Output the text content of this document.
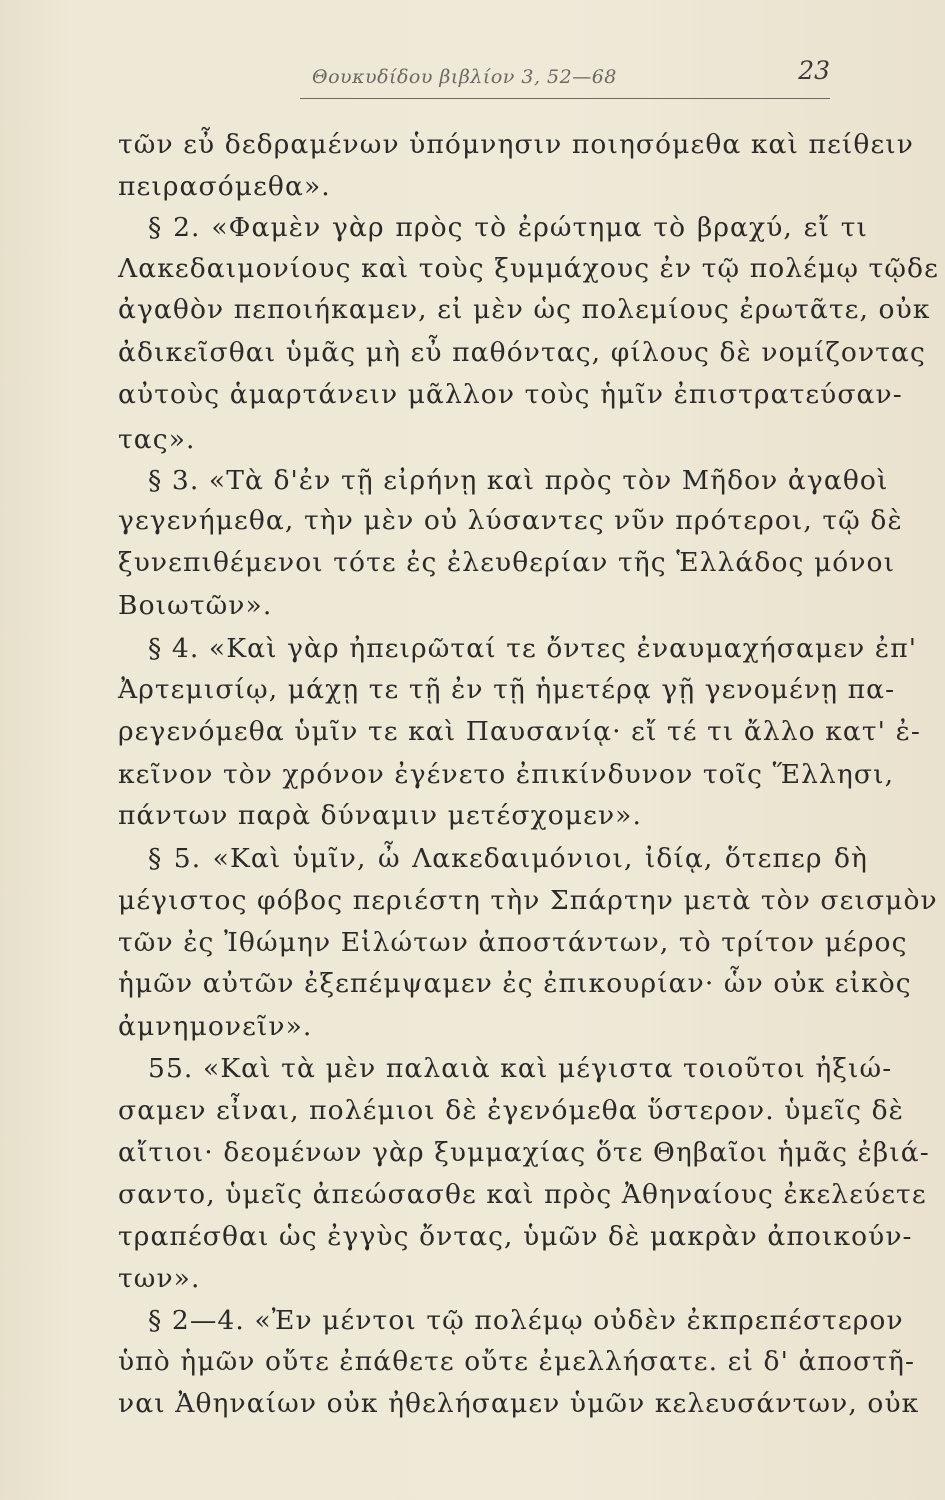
Θουκυδίδου βιβλίον 3, 52—68	23
τῶν εὖ δεδραμένων ὑπόμνησιν ποιησόμεθα καὶ πείθειν
πειρασόμεθα».
§ 2. «Φαμὲν γὰρ πρὸς τὸ ἐρώτημα τὸ βραχύ, εἴ τι
Λακεδαιμονίους καὶ τοὺς ξυμμάχους ἐν τῷ πολέμῳ τῷδε
ἀγαθὸν πεποιήκαμεν, εἰ μὲν ὡς πολεμίους ἐρωτᾶτε, οὐκ
ἀδικεῖσθαι ὑμᾶς μὴ εὖ παθόντας, φίλους δὲ νομίζοντας
αὐτοὺς ἁμαρτάνειν μᾶλλον τοὺς ἡμῖν ἐπιστρατεύσαν-
τας».
§ 3. «Τὰ δ'ἐν τῇ εἰρήνῃ καὶ πρὸς τὸν Μῆδον ἀγαθοὶ
γεγενήμεθα, τὴν μὲν οὐ λύσαντες νῦν πρότεροι, τῷ δὲ
ξυνεπιθέμενοι τότε ἐς ἐλευθερίαν τῆς Ἑλλάδος μόνοι
Βοιωτῶν».
§ 4. «Καὶ γὰρ ἠπειρῶταί τε ὄντες ἐναυμαχήσαμεν ἐπ'
Ἀρτεμισίῳ, μάχῃ τε τῇ ἐν τῇ ἡμετέρᾳ γῇ γενομένῃ πα-
ρεγενόμεθα ὑμῖν τε καὶ Παυσανίᾳ· εἴ τέ τι ἄλλο κατ' ἐ-
κεῖνον τὸν χρόνον ἐγένετο ἐπικίνδυνον τοῖς Ἕλλησι,
πάντων παρὰ δύναμιν μετέσχομεν».
§ 5. «Καὶ ὑμῖν, ὦ Λακεδαιμόνιοι, ἰδίᾳ, ὅτεπερ δὴ
μέγιστος φόβος περιέστη τὴν Σπάρτην μετὰ τὸν σεισμὸν
τῶν ἐς Ἰθώμην Εἱλώτων ἀποστάντων, τὸ τρίτον μέρος
ἡμῶν αὐτῶν ἐξεπέμψαμεν ἐς ἐπικουρίαν· ὧν οὐκ εἰκὸς
ἀμνημονεῖν».
55. «Καὶ τὰ μὲν παλαιὰ καὶ μέγιστα τοιοῦτοι ἠξιώ-
σαμεν εἶναι, πολέμιοι δὲ ἐγενόμεθα ὕστερον. ὑμεῖς δὲ
αἴτιοι· δεομένων γὰρ ξυμμαχίας ὅτε Θηβαῖοι ἡμᾶς ἐβιά-
σαντο, ὑμεῖς ἀπεώσασθε καὶ πρὸς Ἀθηναίους ἐκελεύετε
τραπέσθαι ὡς ἐγγὺς ὄντας, ὑμῶν δὲ μακρὰν ἀποικούν-
των».
§ 2—4. «Ἐν μέντοι τῷ πολέμῳ οὐδὲν ἐκπρεπέστερον
ὑπὸ ἡμῶν οὔτε ἐπάθετε οὔτε ἐμελλήσατε. εἰ δ' ἀποστῆ-
ναι Ἀθηναίων οὐκ ἠθελήσαμεν ὑμῶν κελευσάντων, οὐκ
